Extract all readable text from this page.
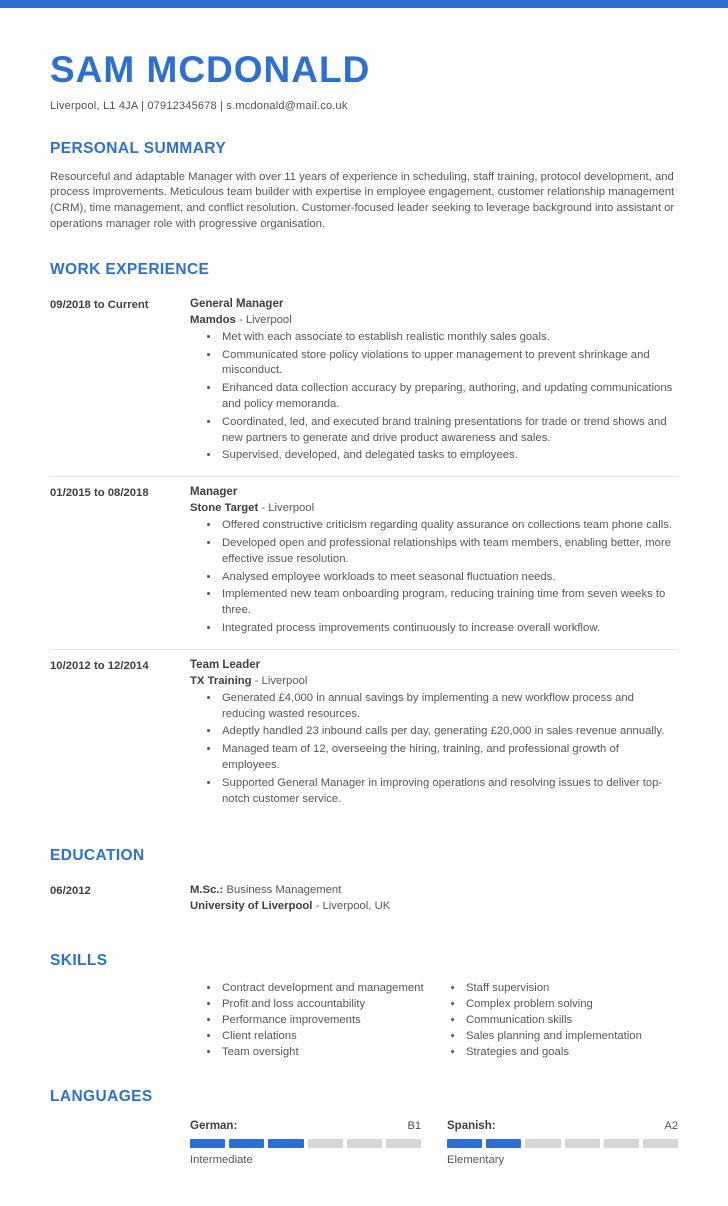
SAM MCDONALD
Liverpool, L1 4JA | 07912345678 | s.mcdonald@mail.co.uk
PERSONAL SUMMARY

Resourceful and adaptable Manager with over 11 years of experience in scheduling, staff training, protocol development, and process improvements. Meticulous team builder with expertise in employee engagement, customer relationship management (CRM), time management, and conflict resolution. Customer-focused leader seeking to leverage background into assistant or operations manager role with progressive organisation.

WORK EXPERIENCE
09/2018 to Current	General Manager
Mamdos - Liverpool
• Met with each associate to establish realistic monthly sales goals.
• Communicated store policy violations to upper management to prevent shrinkage and misconduct.
• Enhanced data collection accuracy by preparing, authoring, and updating communications and policy memoranda.
• Coordinated, led, and executed brand training presentations for trade or trend shows and new partners to generate and drive product awareness and sales.
• Supervised, developed, and delegated tasks to employees.
01/2015 to 08/2018	Manager
Stone Target - Liverpool
• Offered constructive criticism regarding quality assurance on collections team phone calls.
• Developed open and professional relationships with team members, enabling better, more effective issue resolution.
• Analysed employee workloads to meet seasonal fluctuation needs.
• Implemented new team onboarding program, reducing training time from seven weeks to three.
• Integrated process improvements continuously to increase overall workflow.
10/2012 to 12/2014	Team Leader
TX Training - Liverpool
• Generated £4,000 in annual savings by implementing a new workflow process and reducing wasted resources.
• Adeptly handled 23 inbound calls per day, generating £20,000 in sales revenue annually.
• Managed team of 12, overseeing the hiring, training, and professional growth of employees.
• Supported General Manager in improving operations and resolving issues to deliver top-notch customer service.
EDUCATION
06/2012	M.Sc.: Business Management
University of Liverpool - Liverpool, UK
SKILLS
• Contract development and management
• Profit and loss accountability
• Performance improvements
• Client relations
• Team oversight
• Staff supervision
• Complex problem solving
• Communication skills
• Sales planning and implementation
• Strategies and goals
LANGUAGES
German:	B1
Intermediate
Spanish:	A2
Elementary
